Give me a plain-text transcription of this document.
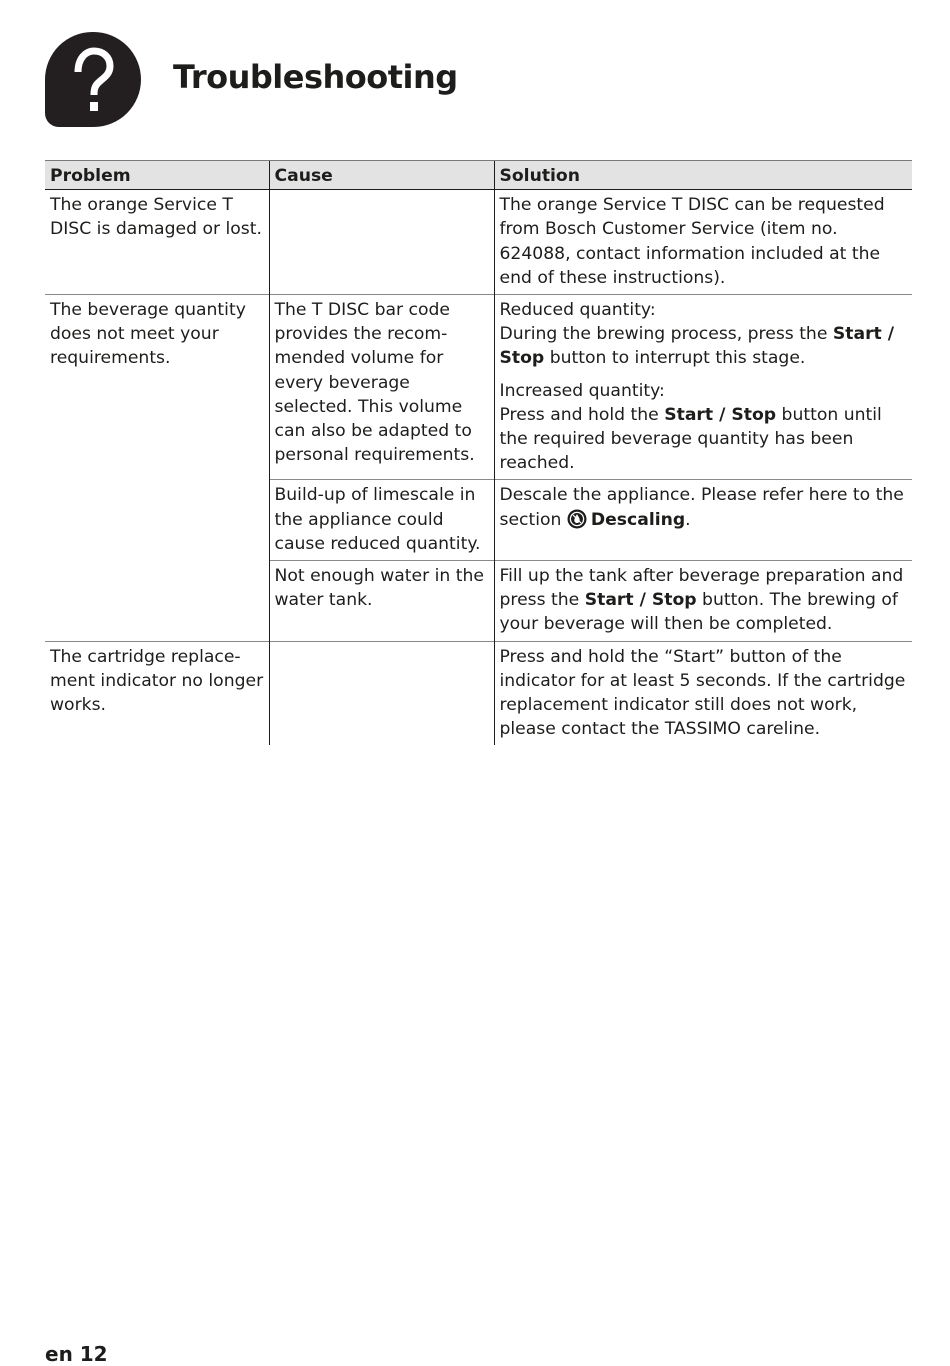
Troubleshooting
Problem	Cause	Solution
The orange Service T DISC is damaged or lost.		The orange Service T DISC can be requested from Bosch Customer Service (item no. 624088, contact information included at the end of these instructions).
The beverage quantity does not meet your requirements.	The T DISC bar code provides the recom-mended volume for every beverage selected. This volume can also be adapted to personal requirements.	Reduced quantity:
During the brewing process, press the Start / Stop button to interrupt this stage.
Increased quantity:
Press and hold the Start / Stop button until the required beverage quantity has been reached.

	Build-up of limescale in the appliance could cause reduced quantity.	Descale the appliance. Please refer here to the section Descaling.
	Not enough water in the water tank.	Fill up the tank after beverage preparation and press the Start / Stop button. The brewing of your beverage will then be completed.
The cartridge replace-ment indicator no longer works.		Press and hold the “Start” button of the indicator for at least 5 seconds. If the cartridge replacement indicator still does not work, please contact the TASSIMO careline.
en 12
